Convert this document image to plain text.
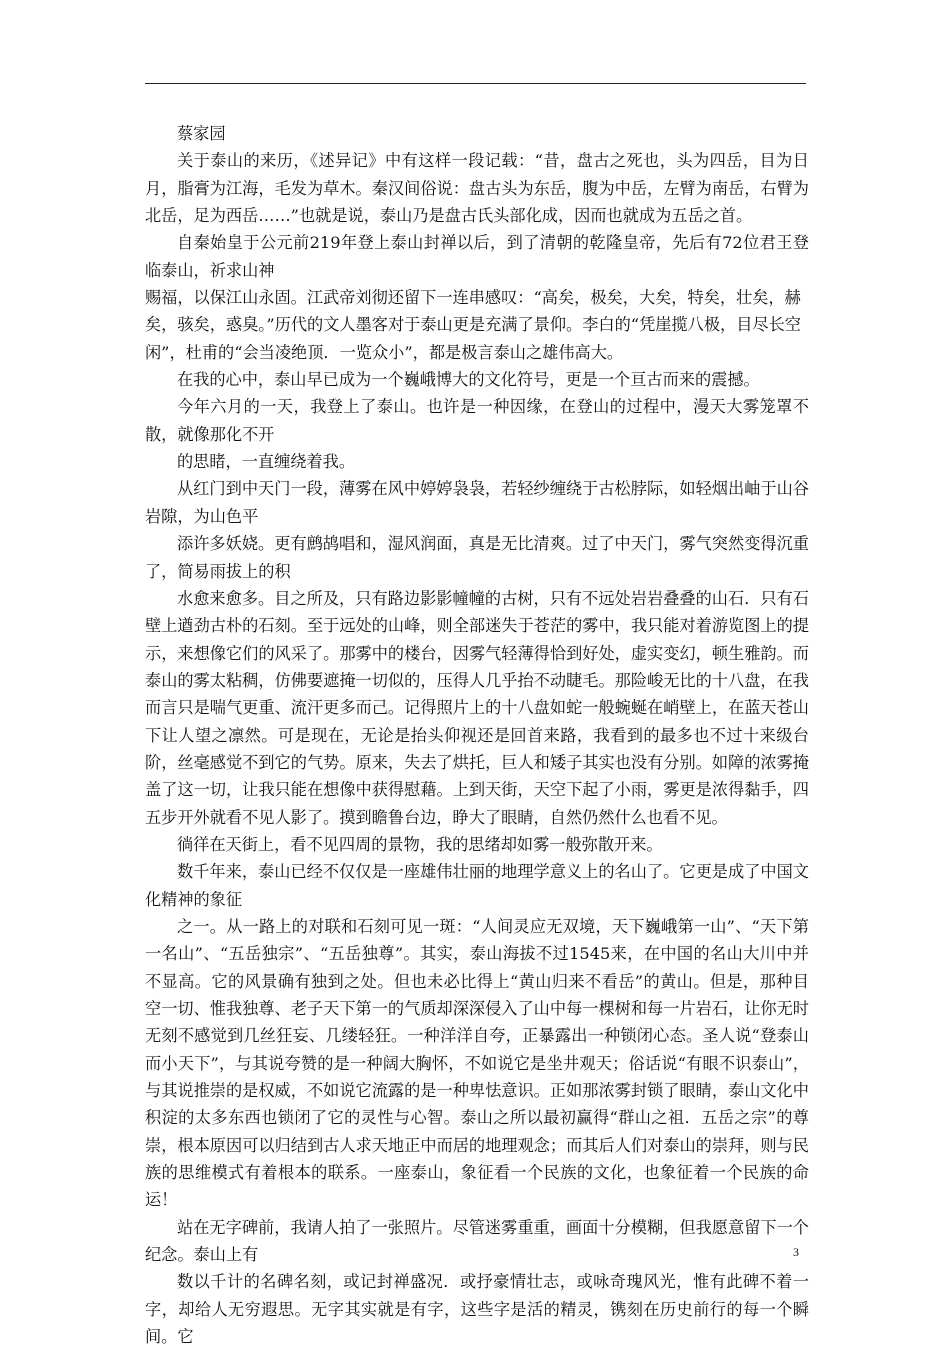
蔡家园

关于泰山的来历，《述异记》中有这样一段记载：“昔，盘古之死也，头为四岳，目为日月，脂膏为江海，毛发为草木。秦汉间俗说：盘古头为东岳，腹为中岳，左臂为南岳，右臂为北岳，足为西岳……”也就是说，泰山乃是盘古氏头部化成，因而也就成为五岳之首。

自秦始皇于公元前219年登上泰山封禅以后，到了清朝的乾隆皇帝，先后有72位君王登临泰山，祈求山神

赐福，以保江山永固。江武帝刘彻还留下一连串感叹：“高矣，极矣，大矣，特矣，壮矣，赫矣，骇矣，惑臭。”历代的文人墨客对于泰山更是充满了景仰。李白的“凭崖揽八极，目尽长空闲”，杜甫的“会当凌绝顶．一览众小”，都是极言泰山之雄伟高大。

在我的心中，泰山早已成为一个巍峨博大的文化符号，更是一个亘古而来的震撼。

今年六月的一天，我登上了泰山。也许是一种因缘，在登山的过程中，漫天大雾笼罩不散，就像那化不开

的思睹，一直缠绕着我。

从红门到中天门一段，薄雾在风中婷婷袅袅，若轻纱缠绕于古松脖际，如轻烟出岫于山谷岩隙，为山色平

添许多妖娆。更有鹧鸪唱和，湿风润面，真是无比清爽。过了中天门，雾气突然变得沉重了，简易雨拔上的积

水愈来愈多。目之所及，只有路边影影幢幢的古树，只有不远处岩岩叠叠的山石．只有石壁上遒劲古朴的石刻。至于远处的山峰，则全部迷失于苍茫的雾中，我只能对着游览图上的提示，来想像它们的风采了。那雾中的楼台，因雾气轻薄得恰到好处，虚实变幻，顿生雅韵。而泰山的雾太粘稠，仿佛要遮掩一切似的，压得人几乎抬不动睫毛。那险峻无比的十八盘，在我而言只是喘气更重、流汗更多而己。记得照片上的十八盘如蛇一般蜿蜒在峭壁上，在蓝天苍山下让人望之凛然。可是现在，无论是抬头仰视还是回首来路，我看到的最多也不过十来级台阶，丝毫感觉不到它的气势。原来，失去了烘托，巨人和矮子其实也没有分别。如障的浓雾掩盖了这一切，让我只能在想像中获得慰藉。上到天街，天空下起了小雨，雾更是浓得黏手，四五步开外就看不见人影了。摸到瞻鲁台边，睁大了眼睛，自然仍然什么也看不见。

徜徉在天街上，看不见四周的景物，我的思绪却如雾一般弥散开来。

数千年来，泰山已经不仅仅是一座雄伟壮丽的地理学意义上的名山了。它更是成了中国文化精神的象征

之一。从一路上的对联和石刻可见一斑：“人间灵应无双境，天下巍峨第一山”、“天下第一名山”、“五岳独宗”、“五岳独尊”。其实，泰山海拔不过1545来，在中国的名山大川中并不显高。它的风景确有独到之处。但也未必比得上“黄山归来不看岳”的黄山。但是，那种目空一切、惟我独尊、老子天下第一的气质却深深侵入了山中每一棵树和每一片岩石，让你无时无刻不感觉到几丝狂妄、几缕轻狂。一种洋洋自夸，正暴露出一种锁闭心态。圣人说“登泰山而小天下”，与其说夸赞的是一种阔大胸怀，不如说它是坐井观天；俗话说“有眼不识泰山”，与其说推崇的是权威，不如说它流露的是一种卑怯意识。正如那浓雾封锁了眼睛，泰山文化中积淀的太多东西也锁闭了它的灵性与心智。泰山之所以最初赢得“群山之祖．五岳之宗”的尊崇，根本原因可以归结到古人求天地正中而居的地理观念；而其后人们对泰山的崇拜，则与民族的思维模式有着根本的联系。一座泰山，象征看一个民族的文化，也象征着一个民族的命运！

站在无字碑前，我请人拍了一张照片。尽管迷雾重重，画面十分模糊，但我愿意留下一个纪念。泰山上有

数以千计的名碑名刻，或记封禅盛况．或抒豪情壮志，或咏奇瑰风光，惟有此碑不着一字，却给人无穷遐思。无字其实就是有字，这些字是活的精灵，镌刻在历史前行的每一个瞬间。它

3
